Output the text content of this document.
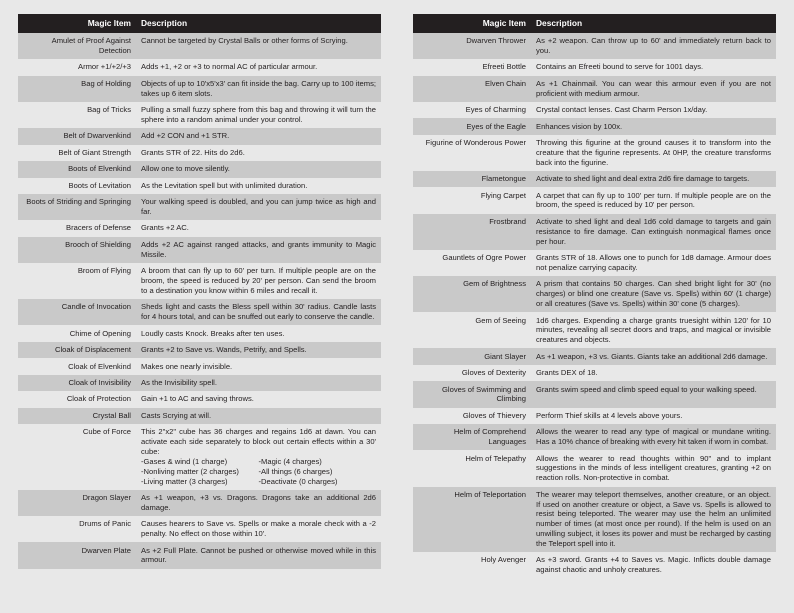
Magic Item	Description
Amulet of Proof Against Detection	Cannot be targeted by Crystal Balls or other forms of Scrying.
Armor +1/+2/+3	Adds +1, +2 or +3 to normal AC of particular armour.
Bag of Holding	Objects of up to 10'x5'x3' can fit inside the bag. Carry up to 100 items; takes up 6 item slots.
Bag of Tricks	Pulling a small fuzzy sphere from this bag and throwing it will turn the sphere into a random animal under your control.
Belt of Dwarvenkind	Add +2 CON and +1 STR.
Belt of Giant Strength	Grants STR of 22. Hits do 2d6.
Boots of Elvenkind	Allow one to move silently.
Boots of Levitation	As the Levitation spell but with unlimited duration.
Boots of Striding and Springing	Your walking speed is doubled, and you can jump twice as high and far.
Bracers of Defense	Grants +2 AC.
Brooch of Shielding	Adds +2 AC against ranged attacks, and grants immunity to Magic Missile.
Broom of Flying	A broom that can fly up to 60' per turn. If multiple people are on the broom, the speed is reduced by 20' per person. Can send the broom to a destination you know within 6 miles and recall it.
Candle of Invocation	Sheds light and casts the Bless spell within 30' radius. Candle lasts for 4 hours total, and can be snuffed out early to conserve the candle.
Chime of Opening	Loudly casts Knock. Breaks after ten uses.
Cloak of Displacement	Grants +2 to Save vs. Wands, Petrify, and Spells.
Cloak of Elvenkind	Makes one nearly invisible.
Cloak of Invisibility	As the Invisibility spell.
Cloak of Protection	Gain +1 to AC and saving throws.
Crystal Ball	Casts Scrying at will.
Cube of Force	This 2"x2" cube has 36 charges and regains 1d6 at dawn. You can activate each side separately to block out certain effects within a 30' cube:
-Gases & wind (1 charge)
-Nonliving matter (2 charges)
-Living matter (3 charges)
-Magic (4 charges)
-All things (6 charges)
-Deactivate (0 charges)

Dragon Slayer	As +1 weapon, +3 vs. Dragons. Dragons take an additional 2d6 damage.
Drums of Panic	Causes hearers to Save vs. Spells or make a morale check with a -2 penalty. No effect on those within 10'.
Dwarven Plate	As +2 Full Plate. Cannot be pushed or otherwise moved while in this armour.
Magic Item	Description
Dwarven Thrower	As +2 weapon. Can throw up to 60' and immediately return back to you.
Efreeti Bottle	Contains an Efreeti bound to serve for 1001 days.
Elven Chain	As +1 Chainmail. You can wear this armour even if you are not proficient with medium armour.
Eyes of Charming	Crystal contact lenses. Cast Charm Person 1x/day.
Eyes of the Eagle	Enhances vision by 100x.
Figurine of Wonderous Power	Throwing this figurine at the ground causes it to transform into the creature that the figurine represents. At 0HP, the creature transforms back into the figurine.
Flametongue	Activate to shed light and deal extra 2d6 fire damage to targets.
Flying Carpet	A carpet that can fly up to 100' per turn. If multiple people are on the broom, the speed is reduced by 10' per person.
Frostbrand	Activate to shed light and deal 1d6 cold damage to targets and gain resistance to fire damage. Can extinguish nonmagical flames once per hour.
Gauntlets of Ogre Power	Grants STR of 18. Allows one to punch for 1d8 damage. Armour does not penalize carrying capacity.
Gem of Brightness	A prism that contains 50 charges. Can shed bright light for 30' (no charges) or blind one creature (Save vs. Spells) within 60' (1 charge) or all creatures (Save vs. Spells) within 30' cone (5 charges).
Gem of Seeing	1d6 charges. Expending a charge grants truesight within 120' for 10 minutes, revealing all secret doors and traps, and magical or invisible creatures and objects.
Giant Slayer	As +1 weapon, +3 vs. Giants. Giants take an additional 2d6 damage.
Gloves of Dexterity	Grants DEX of 18.
Gloves of Swimming and Climbing	Grants swim speed and climb speed equal to your walking speed.
Gloves of Thievery	Perform Thief skills at 4 levels above yours.
Helm of Comprehend Languages	Allows the wearer to read any type of magical or mundane writing. Has a 10% chance of breaking with every hit taken if worn in combat.
Helm of Telepathy	Allows the wearer to read thoughts within 90" and to implant suggestions in the minds of less intelligent creatures, granting +2 on reaction rolls. Non-protective in combat.
Helm of Teleportation	The wearer may teleport themselves, another creature, or an object. If used on another creature or object, a Save vs. Spells is allowed to resist being teleported. The wearer may use the helm an unlimited number of times (at most once per round). If the helm is used on an unwilling subject, it loses its power and must be recharged by casting the Teleport spell into it.
Holy Avenger	As +3 sword. Grants +4 to Saves vs. Magic. Inflicts double damage against chaotic and unholy creatures.
